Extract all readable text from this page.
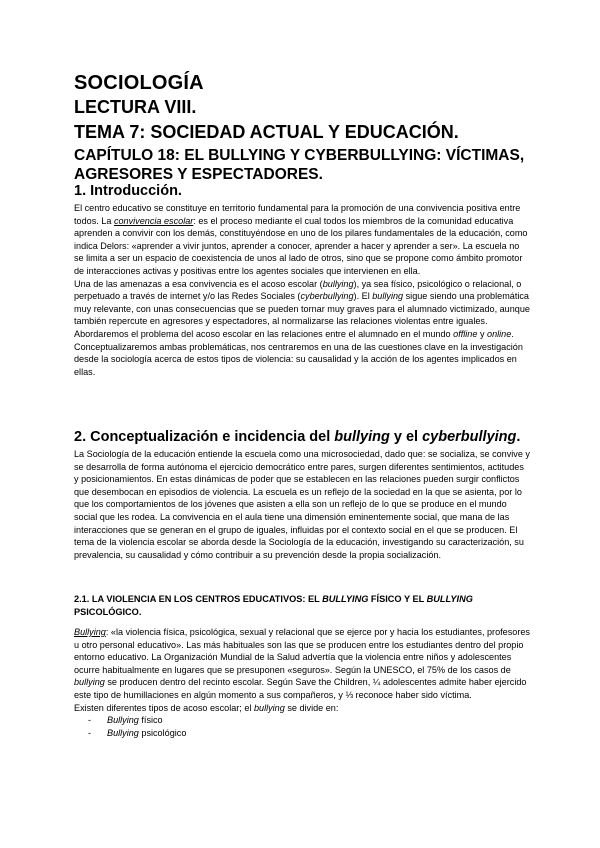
SOCIOLOGÍA
LECTURA VIII.
TEMA 7: SOCIEDAD ACTUAL Y EDUCACIÓN.
CAPÍTULO 18: EL BULLYING Y CYBERBULLYING: VÍCTIMAS, AGRESORES Y ESPECTADORES.
1. Introducción.

El centro educativo se constituye en territorio fundamental para la promoción de una convivencia positiva entre todos. La convivencia escolar: es el proceso mediante el cual todos los miembros de la comunidad educativa aprenden a convivir con los demás, constituyéndose en uno de los pilares fundamentales de la educación, como indica Delors: «aprender a vivir juntos, aprender a conocer, aprender a hacer y aprender a ser». La escuela no se limita a ser un espacio de coexistencia de unos al lado de otros, sino que se propone como ámbito promotor de interacciones activas y positivas entre los agentes sociales que intervienen en ella.

Una de las amenazas a esa convivencia es el acoso escolar (bullying), ya sea físico, psicológico o relacional, o perpetuado a través de internet y/o las Redes Sociales (cyberbullying). El bullying sigue siendo una problemática muy relevante, con unas consecuencias que se pueden tornar muy graves para el alumnado victimizado, aunque también repercute en agresores y espectadores, al normalizarse las relaciones violentas entre iguales.

Abordaremos el problema del acoso escolar en las relaciones entre el alumnado en el mundo offline y online. Conceptualizaremos ambas problemáticas, nos centraremos en una de las cuestiones clave en la investigación desde la sociología acerca de estos tipos de violencia: su causalidad y la acción de los agentes implicados en ellas.

2. Conceptualización e incidencia del bullying y el cyberbullying.

La Sociología de la educación entiende la escuela como una microsociedad, dado que: se socializa, se convive y se desarrolla de forma autónoma el ejercicio democrático entre pares, surgen diferentes sentimientos, actitudes y posicionamientos. En estas dinámicas de poder que se establecen en las relaciones pueden surgir conflictos que desembocan en episodios de violencia. La escuela es un reflejo de la sociedad en la que se asienta, por lo que los comportamientos de los jóvenes que asisten a ella son un reflejo de lo que se produce en el mundo social que les rodea. La convivencia en el aula tiene una dimensión eminentemente social, que mana de las interacciones que se generan en el grupo de iguales, influidas por el contexto social en el que se producen. El tema de la violencia escolar se aborda desde la Sociología de la educación, investigando su caracterización, su prevalencia, su causalidad y cómo contribuir a su prevención desde la propia socialización.

2.1. LA VIOLENCIA EN LOS CENTROS EDUCATIVOS: EL BULLYING FÍSICO Y EL BULLYING PSICOLÓGICO.

Bullying: «la violencia física, psicológica, sexual y relacional que se ejerce por y hacia los estudiantes, profesores u otro personal educativo». Las más habituales son las que se producen entre los estudiantes dentro del propio entorno educativo. La Organización Mundial de la Salud advertía que la violencia entre niños y adolescentes ocurre habitualmente en lugares que se presuponen «seguros». Según la UNESCO, el 75% de los casos de bullying se producen dentro del recinto escolar. Según Save the Children, ¼ adolescentes admite haber ejercido este tipo de humillaciones en algún momento a sus compañeros, y ⅓ reconoce haber sido víctima.

Existen diferentes tipos de acoso escolar; el bullying se divide en:

- Bullying físico
- Bullying psicológico
